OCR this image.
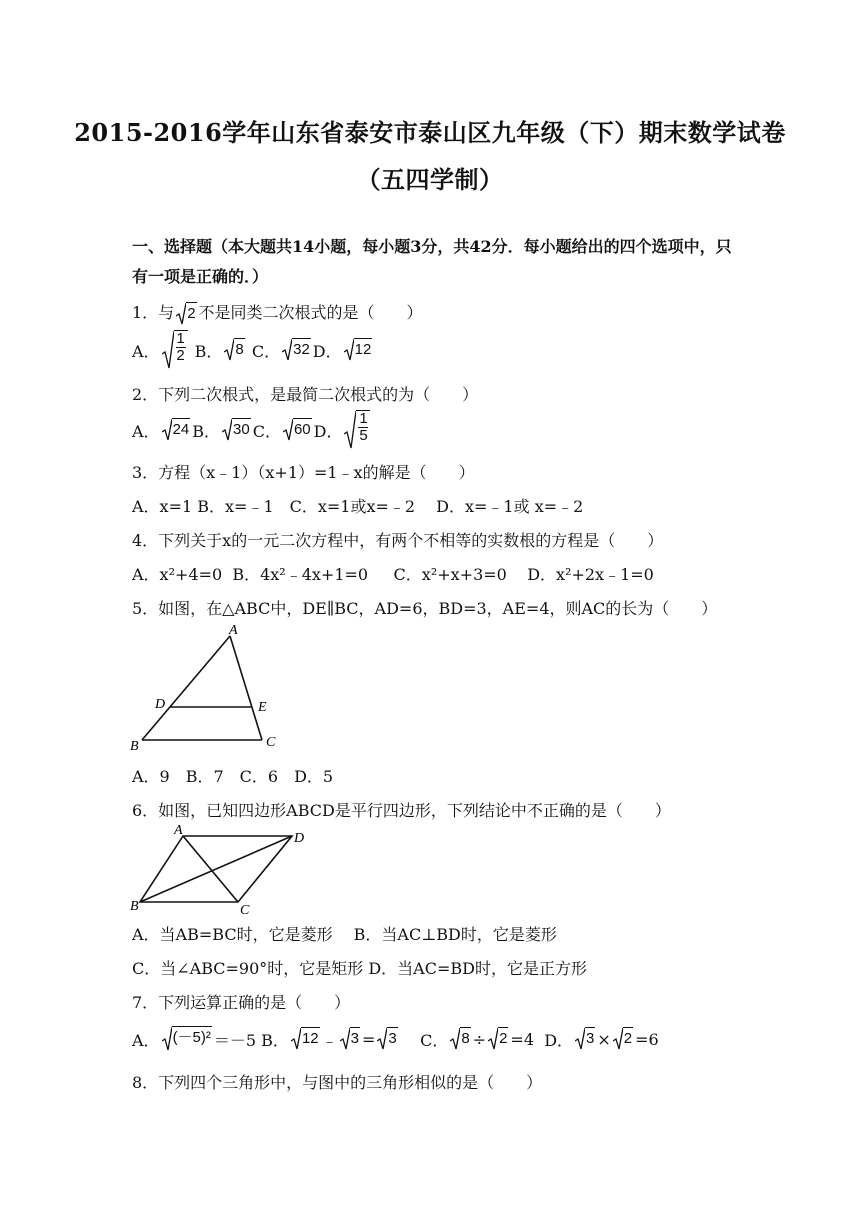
2015-2016学年山东省泰安市泰山区九年级（下）期末数学试卷
（五四学制）
一、选择题（本大题共14小题，每小题3分，共42分．每小题给出的四个选项中，只有一项是正确的．）
1．与 2 不是同类二次根式的是（　　）
A． $\frac{1}{2}$
B． 8
C． 32 D． 12
2．下列二次根式，是最简二次根式的为（　　）
A． 24 B． 30 C． 60 D． $\frac{1}{5}$
3．方程（x﹣1）（x+1）=1﹣x的解是（　　）
A．x=1 B．x=﹣1　C．x=1或x=﹣2　 D．x=﹣1或 x=﹣2
4．下列关于x的一元二次方程中，有两个不相等的实数根的方程是（　　）
A．x²+4=0 B．4x²﹣4x+1=0 C．x²+x+3=0 D．x²+2x﹣1=0
5．如图，在△ABC中，DE∥BC，AD=6，BD=3，AE=4，则AC的长为（　　）
A
D	E
B	C
A．9　B．7　C．6　D．5
6．如图，已知四边形ABCD是平行四边形，下列结论中不正确的是（　　）
A
D
B	C
A．当AB=BC时，它是菱形　 B．当AC⊥BD时，它是菱形
C．当∠ABC=90°时，它是矩形 D．当AC=BD时，它是正方形
7．下列运算正确的是（　　）
A． (－5)² ＝－5
B． 12 ﹣ 3 = 3
C． 8 ÷ 2 =4
D． 3 × 2 =6
8．下列四个三角形中，与图中的三角形相似的是（　　）
